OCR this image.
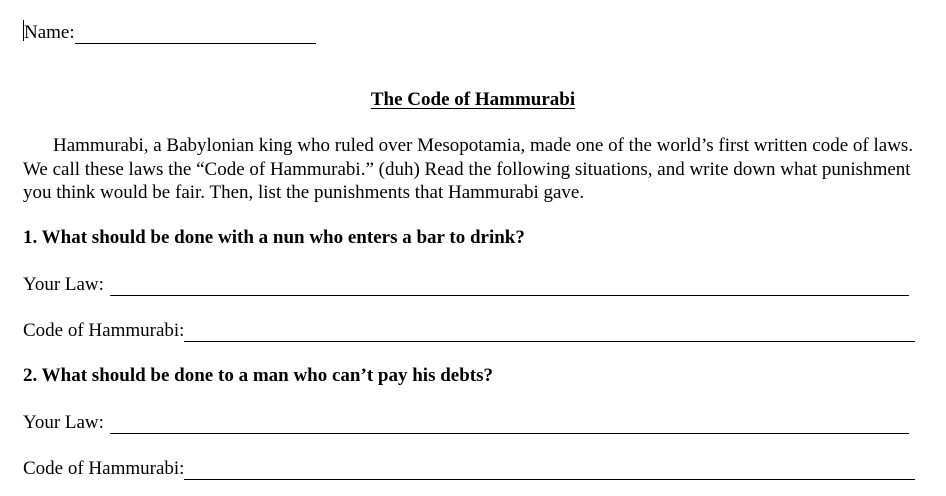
Name:
The Code of Hammurabi

Hammurabi, a Babylonian king who ruled over Mesopotamia, made one of the world’s first written code of laws. We call these laws the “Code of Hammurabi.” (duh) Read the following situations, and write down what punishment you think would be fair. Then, list the punishments that Hammurabi gave.

1. What should be done with a nun who enters a bar to drink?
Your Law:
Code of Hammurabi:
2. What should be done to a man who can’t pay his debts?
Your Law:
Code of Hammurabi:
